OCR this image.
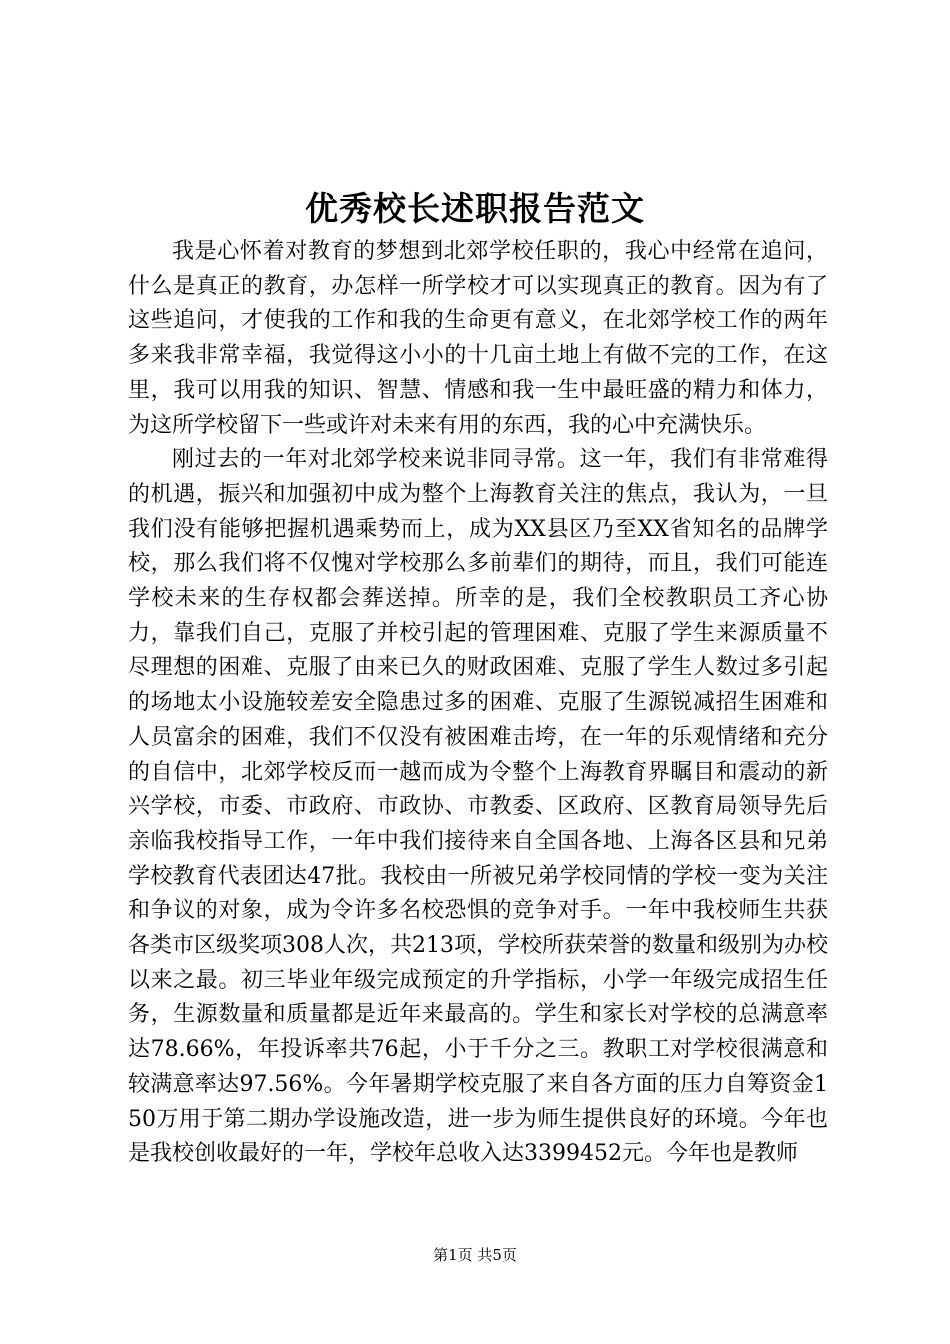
优秀校长述职报告范文

我是心怀着对教育的梦想到北郊学校任职的，我心中经常在追问，什么是真正的教育，办怎样一所学校才可以实现真正的教育。因为有了这些追问，才使我的工作和我的生命更有意义，在北郊学校工作的两年多来我非常幸福，我觉得这小小的十几亩土地上有做不完的工作，在这里，我可以用我的知识、智慧、情感和我一生中最旺盛的精力和体力，为这所学校留下一些或许对未来有用的东西，我的心中充满快乐。

刚过去的一年对北郊学校来说非同寻常。这一年，我们有非常难得的机遇，振兴和加强初中成为整个上海教育关注的焦点，我认为，一旦我们没有能够把握机遇乘势而上，成为XX县区乃至XX省知名的品牌学校，那么我们将不仅愧对学校那么多前辈们的期待，而且，我们可能连学校未来的生存权都会葬送掉。所幸的是，我们全校教职员工齐心协力，靠我们自己，克服了并校引起的管理困难、克服了学生来源质量不尽理想的困难、克服了由来已久的财政困难、克服了学生人数过多引起的场地太小设施较差安全隐患过多的困难、克服了生源锐减招生困难和人员富余的困难，我们不仅没有被困难击垮，在一年的乐观情绪和充分的自信中，北郊学校反而一越而成为令整个上海教育界瞩目和震动的新兴学校，市委、市政府、市政协、市教委、区政府、区教育局领导先后亲临我校指导工作，一年中我们接待来自全国各地、上海各区县和兄弟学校教育代表团达47批。我校由一所被兄弟学校同情的学校一变为关注和争议的对象，成为令许多名校恐惧的竞争对手。一年中我校师生共获各类市区级奖项308人次，共213项，学校所获荣誉的数量和级别为办校以来之最。初三毕业年级完成预定的升学指标，小学一年级完成招生任务，生源数量和质量都是近年来最高的。学生和家长对学校的总满意率达78.66%，年投诉率共76起，小于千分之三。教职工对学校很满意和较满意率达97.56%。今年暑期学校克服了来自各方面的压力自筹资金150万用于第二期办学设施改造，进一步为师生提供良好的环境。今年也是我校创收最好的一年，学校年总收入达3399452元。今年也是教师

第1页 共5页
